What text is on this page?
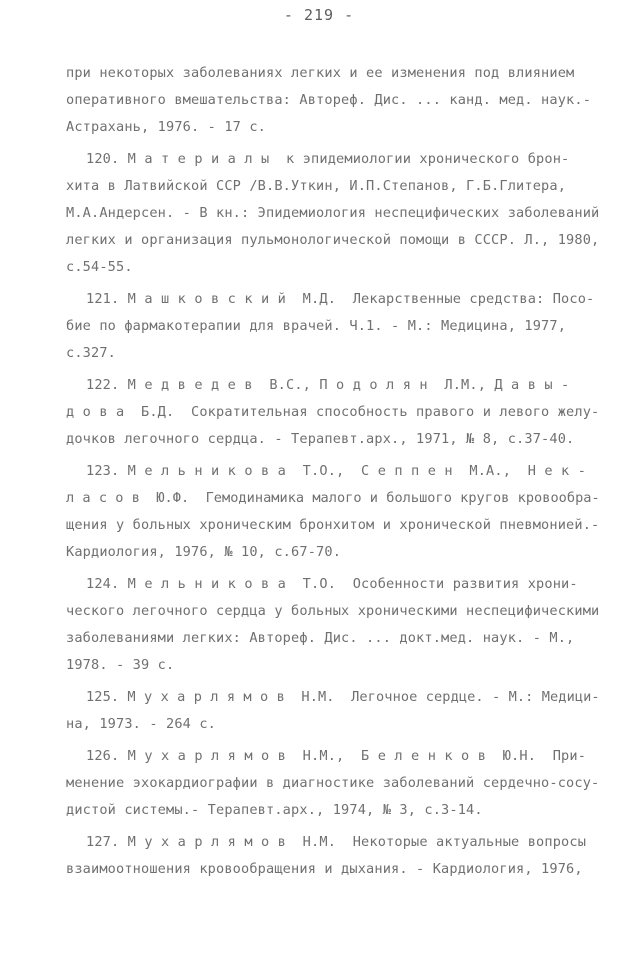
- 219 -
при некоторых заболеваниях легких и ее изменения под влиянием
оперативного вмешательства: Автореф. Дис. ... канд. мед. наук.-
Астрахань, 1976. - 17 с.
120. М а т е р и а л ы  к эпидемиологии хронического брон-
хита в Латвийской ССР /В.В.Уткин, И.П.Степанов, Г.Б.Глитера,
М.А.Андерсен. - В кн.: Эпидемиология неспецифических заболеваний
легких и организация пульмонологической помощи в СССР. Л., 1980,
с.54-55.
121. М а ш к о в с к и й  М.Д.  Лекарственные средства: Посо-
бие по фармакотерапии для врачей. Ч.1. - М.: Медицина, 1977,
с.327.
122. М е д в е д е в  В.С., П о д о л я н  Л.М., Д а в ы -
д о в а  Б.Д.  Сократительная способность правого и левого желу-
дочков легочного сердца. - Терапевт.арх., 1971, № 8, с.37-40.
123. М е л ь н и к о в а  Т.О.,  С е п п е н  М.А.,  Н е к -
л а с о в  Ю.Ф.  Гемодинамика малого и большого кругов кровообра-
щения у больных хроническим бронхитом и хронической пневмонией.-
Кардиология, 1976, № 10, с.67-70.
124. М е л ь н и к о в а  Т.О.  Особенности развития хрони-
ческого легочного сердца у больных хроническими неспецифическими
заболеваниями легких: Автореф. Дис. ... докт.мед. наук. - М.,
1978. - 39 с.
125. М у х а р л я м о в  Н.М.  Легочное сердце. - М.: Медици-
на, 1973. - 264 с.
126. М у х а р л я м о в  Н.М.,  Б е л е н к о в  Ю.Н.  При-
менение эхокардиографии в диагностике заболеваний сердечно-сосу-
дистой системы.- Терапевт.арх., 1974, № 3, с.3-14.
127. М у х а р л я м о в  Н.М.  Некоторые актуальные вопросы
взаимоотношения кровообращения и дыхания. - Кардиология, 1976,
